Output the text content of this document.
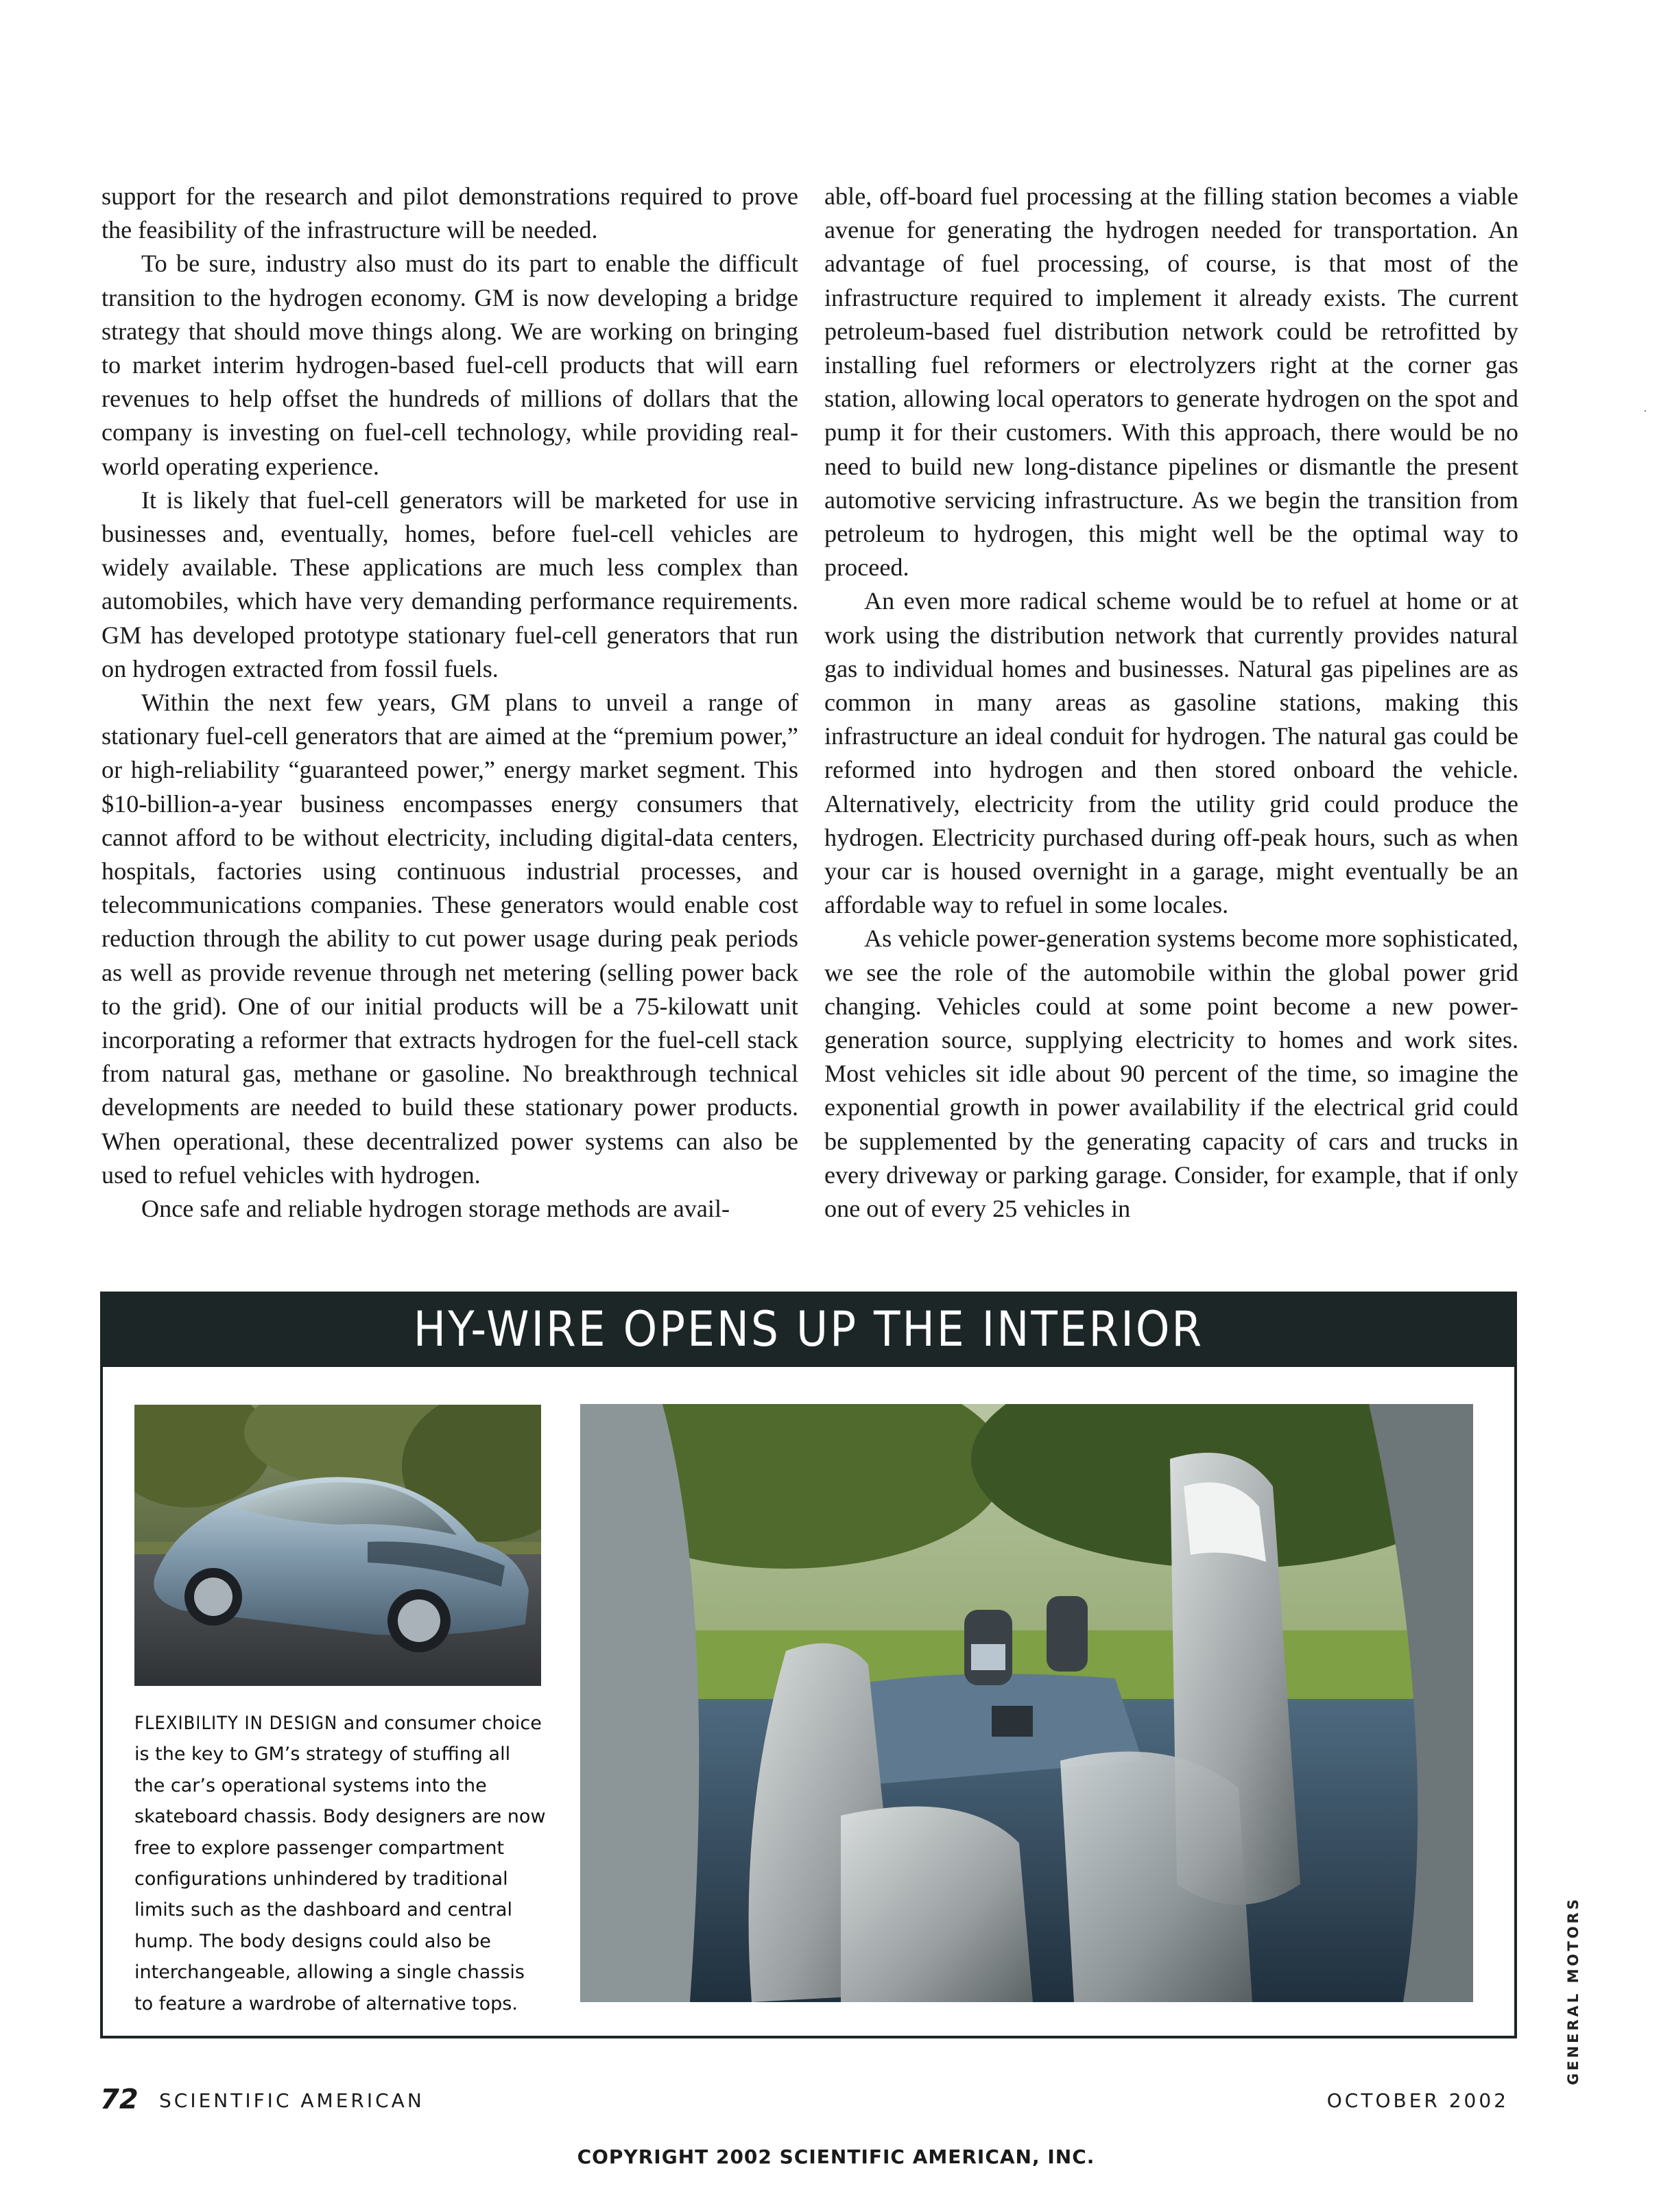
support for the research and pilot demonstrations required to prove the feasibility of the infrastructure will be needed.

To be sure, industry also must do its part to enable the difficult transition to the hydrogen economy. GM is now developing a bridge strategy that should move things along. We are working on bringing to market interim hydrogen-based fuel-cell products that will earn revenues to help offset the hundreds of millions of dollars that the company is investing on fuel-cell technology, while providing real-world operating experience.

It is likely that fuel-cell generators will be marketed for use in businesses and, eventually, homes, before fuel-cell vehicles are widely available. These applications are much less complex than automobiles, which have very demanding performance requirements. GM has developed prototype stationary fuel-cell generators that run on hydrogen extracted from fossil fuels.

Within the next few years, GM plans to unveil a range of stationary fuel-cell generators that are aimed at the “premium power,” or high-reliability “guaranteed power,” energy market segment. This $10-billion-a-year business encompasses energy consumers that cannot afford to be without electricity, including digital-data centers, hospitals, factories using continuous industrial processes, and telecommunications companies. These generators would enable cost reduction through the ability to cut power usage during peak periods as well as provide revenue through net metering (selling power back to the grid). One of our initial products will be a 75-kilowatt unit incorporating a reformer that extracts hydrogen for the fuel-cell stack from natural gas, methane or gasoline. No breakthrough technical developments are needed to build these stationary power products. When operational, these decentralized power systems can also be used to refuel vehicles with hydrogen.

Once safe and reliable hydrogen storage methods are avail-

able, off-board fuel processing at the filling station becomes a viable avenue for generating the hydrogen needed for transportation. An advantage of fuel processing, of course, is that most of the infrastructure required to implement it already exists. The current petroleum-based fuel distribution network could be retrofitted by installing fuel reformers or electrolyzers right at the corner gas station, allowing local operators to generate hydrogen on the spot and pump it for their customers. With this approach, there would be no need to build new long-distance pipelines or dismantle the present automotive servicing infrastructure. As we begin the transition from petroleum to hydrogen, this might well be the optimal way to proceed.

An even more radical scheme would be to refuel at home or at work using the distribution network that currently provides natural gas to individual homes and businesses. Natural gas pipelines are as common in many areas as gasoline stations, making this infrastructure an ideal conduit for hydrogen. The natural gas could be reformed into hydrogen and then stored onboard the vehicle. Alternatively, electricity from the utility grid could produce the hydrogen. Electricity purchased during off-peak hours, such as when your car is housed overnight in a garage, might eventually be an affordable way to refuel in some locales.

As vehicle power-generation systems become more sophisticated, we see the role of the automobile within the global power grid changing. Vehicles could at some point become a new power-generation source, supplying electricity to homes and work sites. Most vehicles sit idle about 90 percent of the time, so imagine the exponential growth in power availability if the electrical grid could be supplemented by the generating capacity of cars and trucks in every driveway or parking garage. Consider, for example, that if only one out of every 25 vehicles in

HY-WIRE OPENS UP THE INTERIOR
FLEXIBILITY IN DESIGN and consumer choice is the key to GM’s strategy of stuffing all the car’s operational systems into the skateboard chassis. Body designers are now free to explore passenger compartment configurations unhindered by traditional limits such as the dashboard and central hump. The body designs could also be interchangeable, allowing a single chassis to feature a wardrobe of alternative tops.	GENERAL MOTORS
72 SCIENTIFIC AMERICAN	OCTOBER 2002
COPYRIGHT 2002 SCIENTIFIC AMERICAN, INC.
